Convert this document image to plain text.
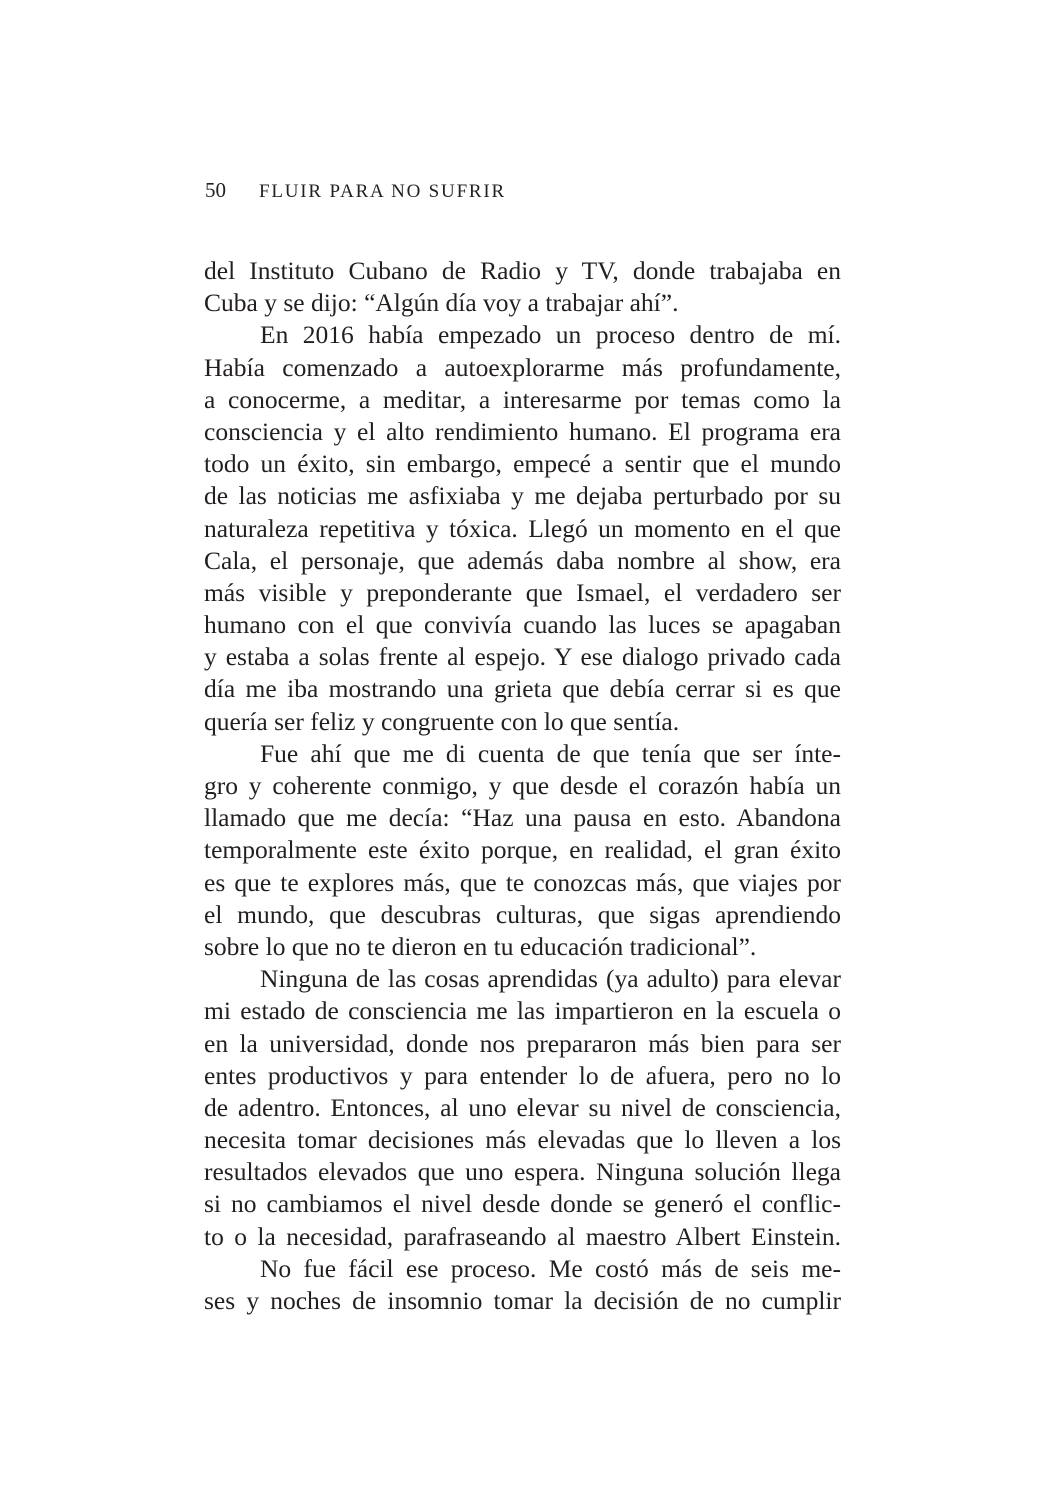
50 FLUIR PARA NO SUFRIR
del Instituto Cubano de Radio y TV, donde trabajaba en
Cuba y se dijo: “Algún día voy a trabajar ahí”.
En 2016 había empezado un proceso dentro de mí.
Había comenzado a autoexplorarme más profundamente,
a conocerme, a meditar, a interesarme por temas como la
consciencia y el alto rendimiento humano. El programa era
todo un éxito, sin embargo, empecé a sentir que el mundo
de las noticias me asfixiaba y me dejaba perturbado por su
naturaleza repetitiva y tóxica. Llegó un momento en el que
Cala, el personaje, que además daba nombre al show, era
más visible y preponderante que Ismael, el verdadero ser
humano con el que convivía cuando las luces se apagaban
y estaba a solas frente al espejo. Y ese dialogo privado cada
día me iba mostrando una grieta que debía cerrar si es que
quería ser feliz y congruente con lo que sentía.
Fue ahí que me di cuenta de que tenía que ser ínte-
gro y coherente conmigo, y que desde el corazón había un
llamado que me decía: “Haz una pausa en esto. Abandona
temporalmente este éxito porque, en realidad, el gran éxito
es que te explores más, que te conozcas más, que viajes por
el mundo, que descubras culturas, que sigas aprendiendo
sobre lo que no te dieron en tu educación tradicional”.
Ninguna de las cosas aprendidas (ya adulto) para elevar
mi estado de consciencia me las impartieron en la escuela o
en la universidad, donde nos prepararon más bien para ser
entes productivos y para entender lo de afuera, pero no lo
de adentro. Entonces, al uno elevar su nivel de consciencia,
necesita tomar decisiones más elevadas que lo lleven a los
resultados elevados que uno espera. Ninguna solución llega
si no cambiamos el nivel desde donde se generó el conflic-
to o la necesidad, parafraseando al maestro Albert Einstein.
No fue fácil ese proceso. Me costó más de seis me-
ses y noches de insomnio tomar la decisión de no cumplir
